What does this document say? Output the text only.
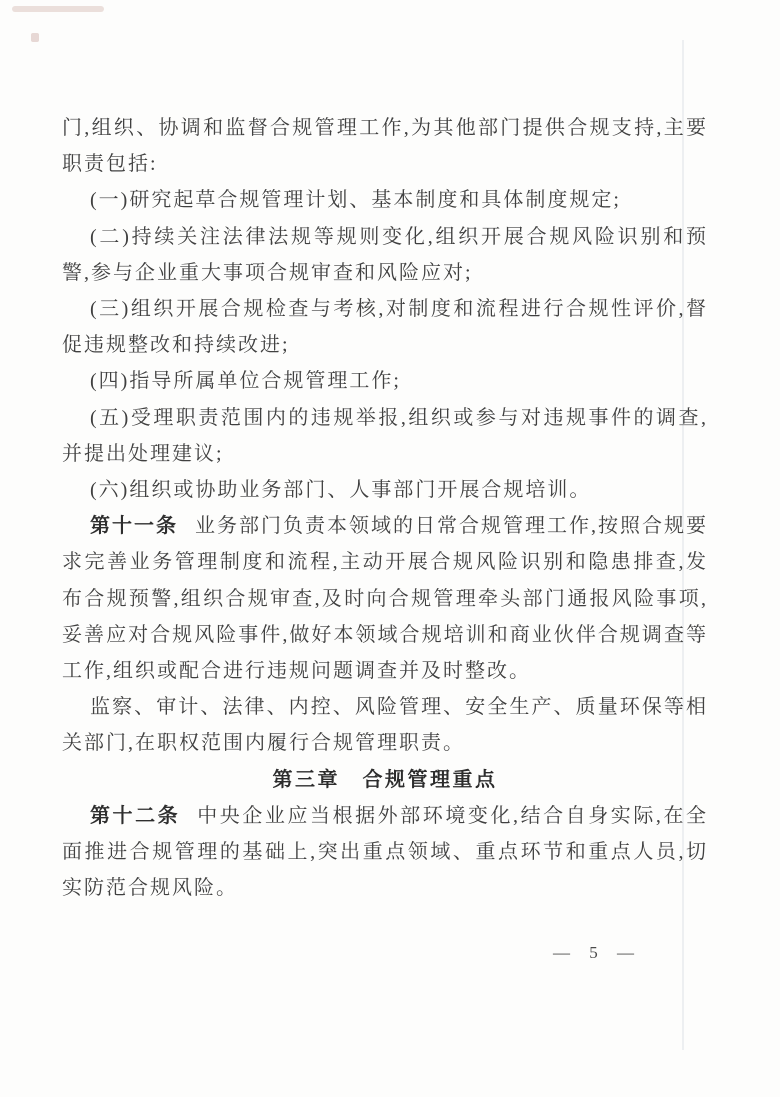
门,组织、协调和监督合规管理工作,为其他部门提供合规支持,主要职责包括:

(一)研究起草合规管理计划、基本制度和具体制度规定;

(二)持续关注法律法规等规则变化,组织开展合规风险识别和预警,参与企业重大事项合规审查和风险应对;

(三)组织开展合规检查与考核,对制度和流程进行合规性评价,督促违规整改和持续改进;

(四)指导所属单位合规管理工作;

(五)受理职责范围内的违规举报,组织或参与对违规事件的调查,并提出处理建议;

(六)组织或协助业务部门、人事部门开展合规培训。

第十一条 业务部门负责本领域的日常合规管理工作,按照合规要求完善业务管理制度和流程,主动开展合规风险识别和隐患排查,发布合规预警,组织合规审查,及时向合规管理牵头部门通报风险事项,妥善应对合规风险事件,做好本领域合规培训和商业伙伴合规调查等工作,组织或配合进行违规问题调查并及时整改。

监察、审计、法律、内控、风险管理、安全生产、质量环保等相关部门,在职权范围内履行合规管理职责。

第三章　合规管理重点

第十二条 中央企业应当根据外部环境变化,结合自身实际,在全面推进合规管理的基础上,突出重点领域、重点环节和重点人员,切实防范合规风险。

— 5 —
